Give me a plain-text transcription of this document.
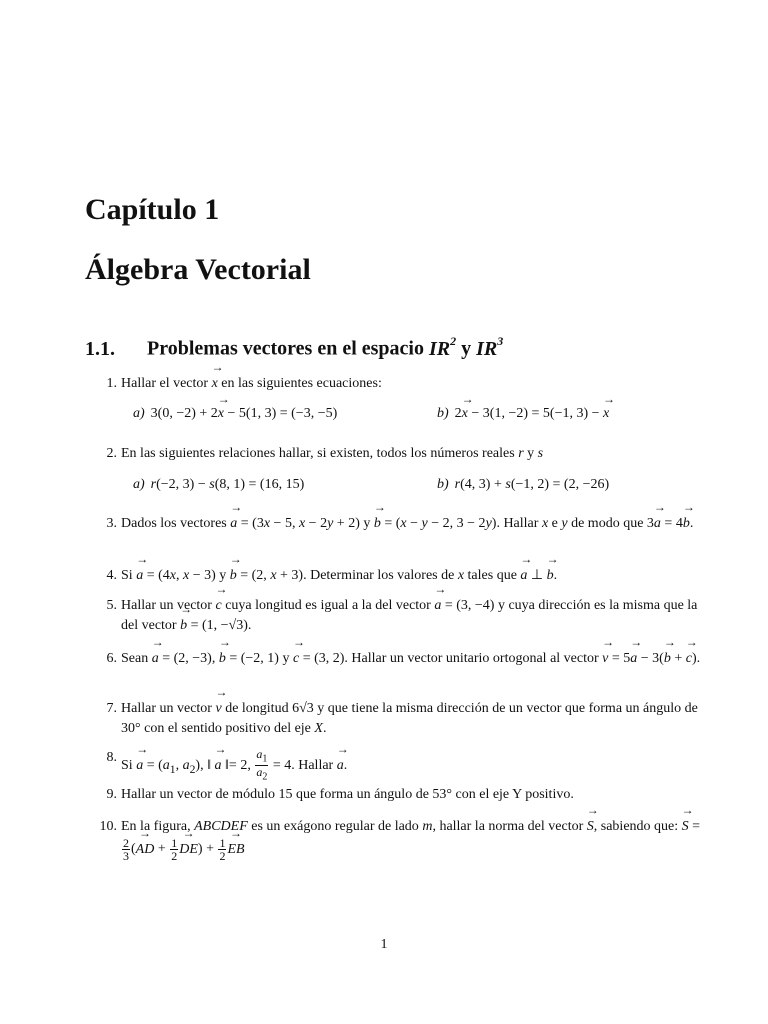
Capítulo 1
Álgebra Vectorial
1.1. Problemas vectores en el espacio $IR^2$ y $IR^3$
1. Hallar el vector → x en las siguientes ecuaciones:
a) 3(0, −2) + 2→ x − 5(1, 3) = (−3, −5)	b) 2→ x − 3(1, −2) = 5(−1, 3) − → x
2. En las siguientes relaciones hallar, si existen, todos los números reales r y s
a) r(−2, 3) − s(8, 1) = (16, 15)	b) r(4, 3) + s(−1, 2) = (2, −26)
3. Dados los vectores → a = (3x − 5, x − 2y + 2) y → b = (x − y − 2, 3 − 2y). Hallar x e y de modo que 3→ a = 4→ b.
4. Si → a = (4x, x − 3) y → b = (2, x + 3). Determinar los valores de x tales que → a ⊥ → b.
5. Hallar un vector → c cuya longitud es igual a la del vector → a = (3, −4) y cuya dirección es la misma que la del vector → b = (1, −√3).
6. Sean → a = (2, −3), → b = (−2, 1) y → c = (3, 2). Hallar un vector unitario ortogonal al vector → v = 5→ a − 3(→ b + → c).
7. Hallar un vector → v de longitud 6√3 y que tiene la misma dirección de un vector que forma un ángulo de 30° con el sentido positivo del eje X.
8.
$Si \to a = (a_1$, $a_2$), ‖ → a ‖= 2, $\frac{a_1}{a_2} = 4$. Hallar → a.
9. Hallar un vector de módulo 15 que forma un ángulo de 53° con el eje Y positivo.
10. En la figura, ABCDEF es un exágono regular de lado m, hallar la norma del vector → S, sabiendo que: → S =
$\frac{2}{3}$ (→ AD + $\frac{1}{2}$
→ $DE) + \frac{1}{2}$
→ EB
1
